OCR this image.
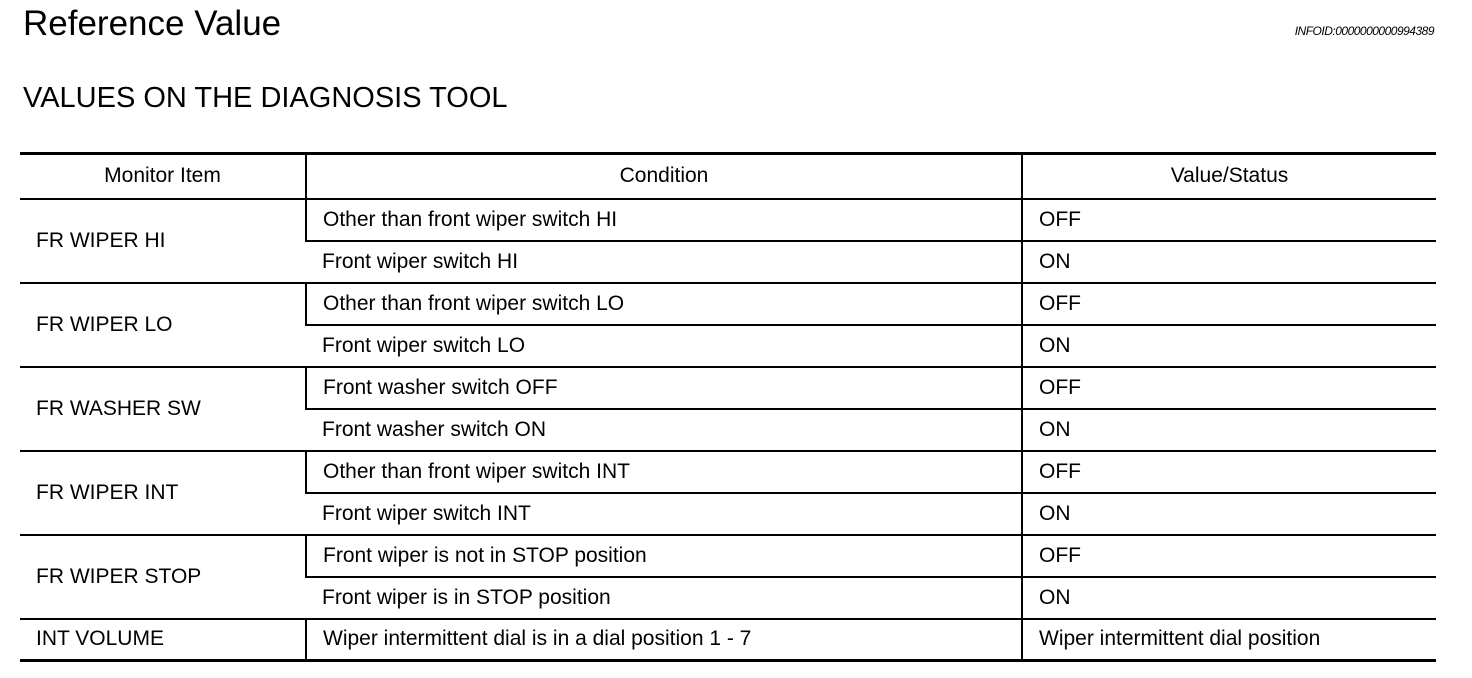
Reference Value	INFOID:0000000000994389
VALUES ON THE DIAGNOSIS TOOL
Monitor Item	Condition	Value/Status
FR WIPER HI	Other than front wiper switch HI	OFF
	Front wiper switch HI	ON
FR WIPER LO	Other than front wiper switch LO	OFF
	Front wiper switch LO	ON
FR WASHER SW	Front washer switch OFF	OFF
	Front washer switch ON	ON
FR WIPER INT	Other than front wiper switch INT	OFF
	Front wiper switch INT	ON
FR WIPER STOP	Front wiper is not in STOP position	OFF
	Front wiper is in STOP position	ON
INT VOLUME	Wiper intermittent dial is in a dial position 1 - 7	Wiper intermittent dial position
